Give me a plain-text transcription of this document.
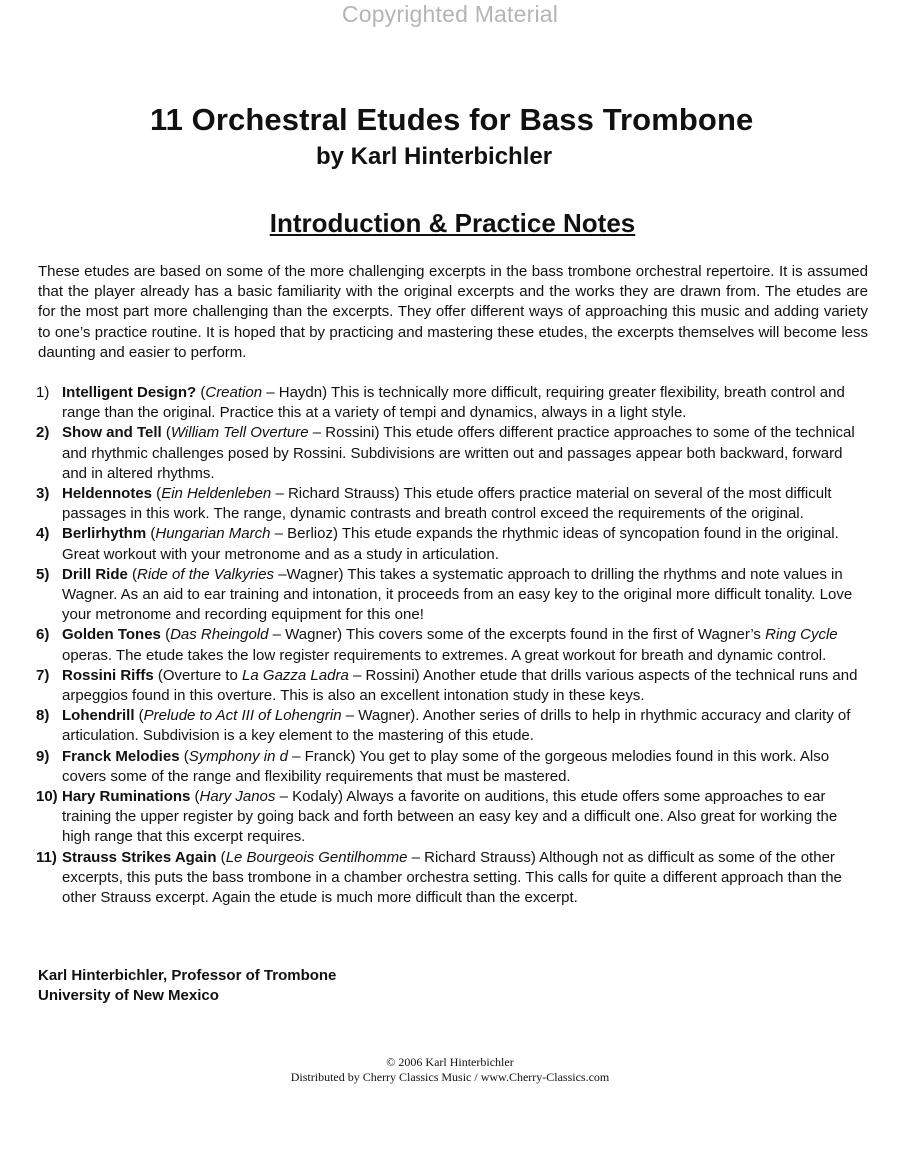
Copyrighted Material
11 Orchestral Etudes for Bass Trombone
by Karl Hinterbichler
Introduction & Practice Notes

These etudes are based on some of the more challenging excerpts in the bass trombone orchestral repertoire. It is assumed that the player already has a basic familiarity with the original excerpts and the works they are drawn from. The etudes are for the most part more challenging than the excerpts. They offer different ways of approaching this music and adding variety to one’s practice routine. It is hoped that by practicing and mastering these etudes, the excerpts themselves will become less daunting and easier to perform.

1) Intelligent Design? (Creation – Haydn) This is technically more difficult, requiring greater flexibility, breath control and range than the original. Practice this at a variety of tempi and dynamics, always in a light style.
2) Show and Tell (William Tell Overture – Rossini) This etude offers different practice approaches to some of the technical and rhythmic challenges posed by Rossini. Subdivisions are written out and passages appear both backward, forward and in altered rhythms.
3) Heldennotes (Ein Heldenleben – Richard Strauss) This etude offers practice material on several of the most difficult passages in this work. The range, dynamic contrasts and breath control exceed the requirements of the original.
4) Berlirhythm (Hungarian March – Berlioz) This etude expands the rhythmic ideas of syncopation found in the original. Great workout with your metronome and as a study in articulation.
5) Drill Ride (Ride of the Valkyries –Wagner) This takes a systematic approach to drilling the rhythms and note values in Wagner. As an aid to ear training and intonation, it proceeds from an easy key to the original more difficult tonality. Love your metronome and recording equipment for this one!
6) Golden Tones (Das Rheingold – Wagner) This covers some of the excerpts found in the first of Wagner’s Ring Cycle operas. The etude takes the low register requirements to extremes. A great workout for breath and dynamic control.
7) Rossini Riffs (Overture to La Gazza Ladra – Rossini) Another etude that drills various aspects of the technical runs and arpeggios found in this overture. This is also an excellent intonation study in these keys.
8) Lohendrill (Prelude to Act III of Lohengrin – Wagner). Another series of drills to help in rhythmic accuracy and clarity of articulation. Subdivision is a key element to the mastering of this etude.
9) Franck Melodies (Symphony in d – Franck) You get to play some of the gorgeous melodies found in this work. Also covers some of the range and flexibility requirements that must be mastered.
10) Hary Ruminations (Hary Janos – Kodaly) Always a favorite on auditions, this etude offers some approaches to ear training the upper register by going back and forth between an easy key and a difficult one. Also great for working the high range that this excerpt requires.
11) Strauss Strikes Again (Le Bourgeois Gentilhomme – Richard Strauss) Although not as difficult as some of the other excerpts, this puts the bass trombone in a chamber orchestra setting. This calls for quite a different approach than the other Strauss excerpt. Again the etude is much more difficult than the excerpt.
Karl Hinterbichler, Professor of Trombone
University of New Mexico
© 2006 Karl Hinterbichler
Distributed by Cherry Classics Music / www.Cherry-Classics.com
